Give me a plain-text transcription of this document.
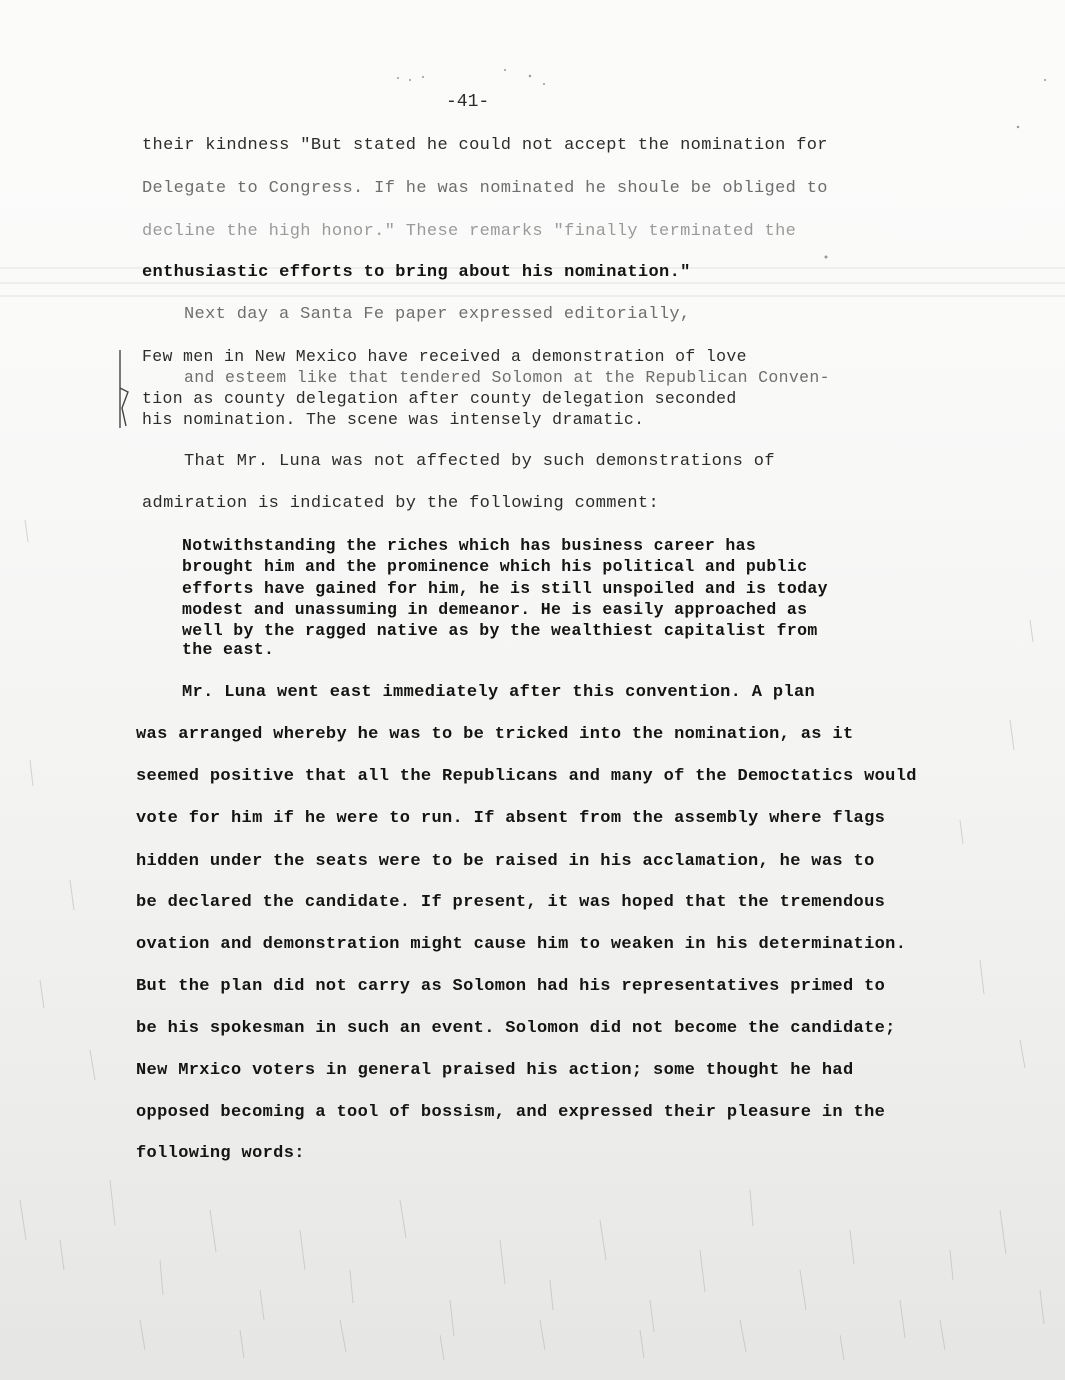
-41-
their kindness "But stated he could not accept the nomination for
Delegate to Congress. If he was nominated he shoule be obliged to
decline the high honor." These remarks "finally terminated the
enthusiastic efforts to bring about his nomination."
Next day a Santa Fe paper expressed editorially,
Few men in New Mexico have received a demonstration of love
and esteem like that tendered Solomon at the Republican Conven-
tion as county delegation after county delegation seconded
his nomination. The scene was intensely dramatic.
That Mr. Luna was not affected by such demonstrations of
admiration is indicated by the following comment:
Notwithstanding the riches which has business career has
brought him and the prominence which his political and public
efforts have gained for him, he is still unspoiled and is today
modest and unassuming in demeanor. He is easily approached as
well by the ragged native as by the wealthiest capitalist from
the east.
Mr. Luna went east immediately after this convention. A plan
was arranged whereby he was to be tricked into the nomination, as it
seemed positive that all the Republicans and many of the Democtatics would
vote for him if he were to run. If absent from the assembly where flags
hidden under the seats were to be raised in his acclamation, he was to
be declared the candidate. If present, it was hoped that the tremendous
ovation and demonstration might cause him to weaken in his determination.
But the plan did not carry as Solomon had his representatives primed to
be his spokesman in such an event. Solomon did not become the candidate;
New Mrxico voters in general praised his action; some thought he had
opposed becoming a tool of bossism, and expressed their pleasure in the
following words:
